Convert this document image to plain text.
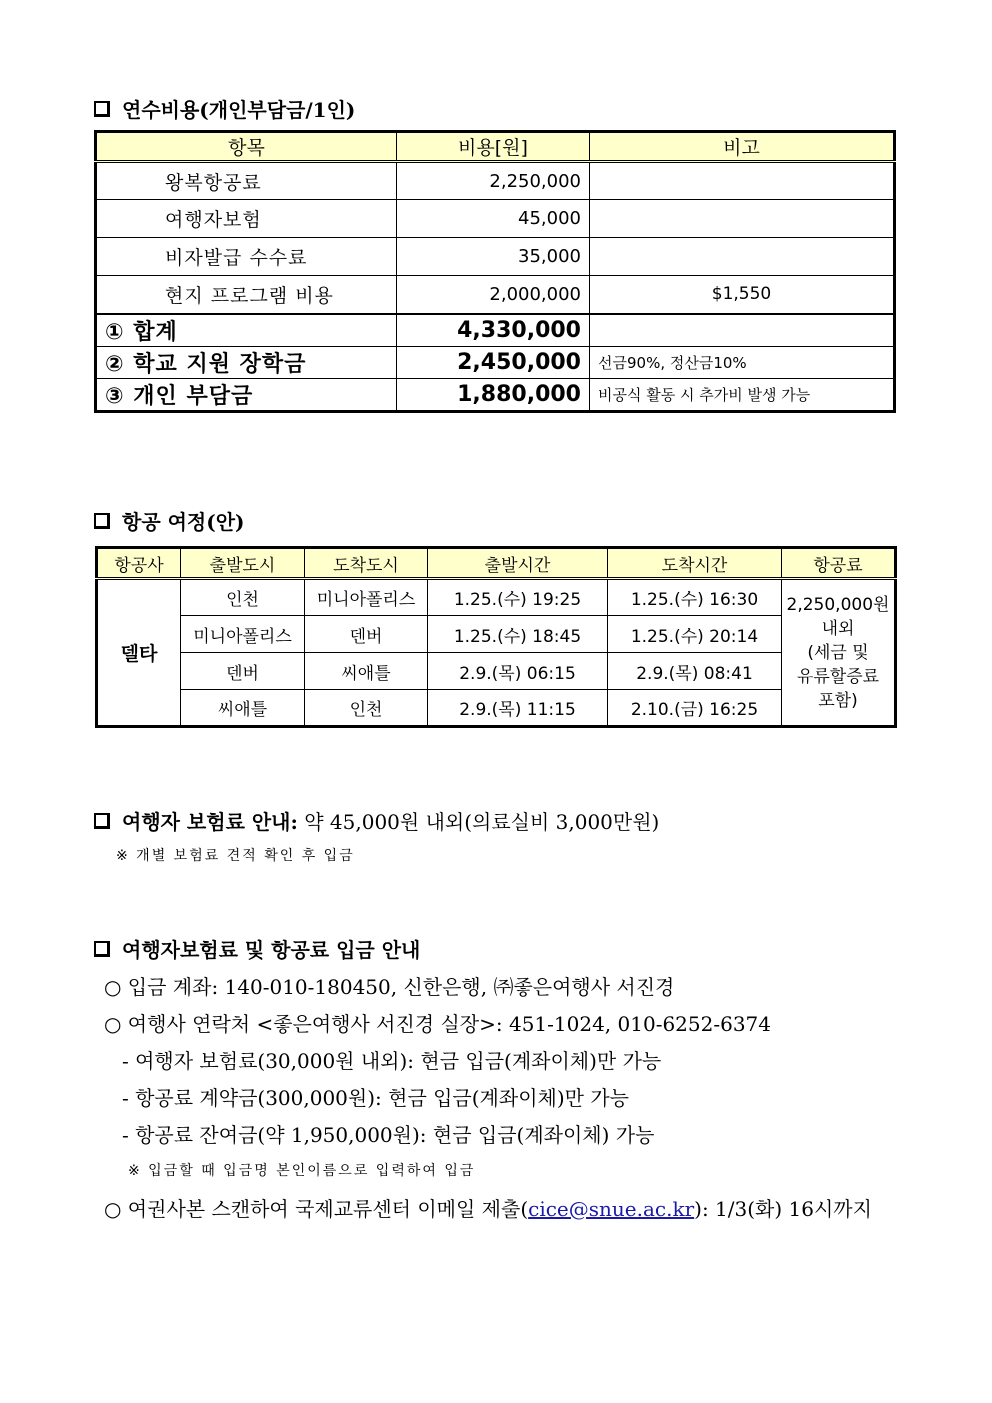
연수비용(개인부담금/1인)
항목	비용[원]	비고
왕복항공료	2,250,000	
여행자보험	45,000	
비자발급 수수료	35,000	
현지 프로그램 비용	2,000,000	$1,550
① 합계	4,330,000	
② 학교 지원 장학금	2,450,000	선금90%, 정산금10%
③ 개인 부담금	1,880,000	비공식 활동 시 추가비 발생 가능
항공 여정(안)
항공사	출발도시	도착도시	출발시간	도착시간	항공료
델타	인천	미니아폴리스	1.25.(수) 19:25	1.25.(수) 16:30	2,250,000원
내외
(세금 및
유류할증료
포함)

	미니아폴리스	덴버	1.25.(수) 18:45	1.25.(수) 20:14	
	덴버	씨애틀	2.9.(목) 06:15	2.9.(목) 08:41	
	씨애틀	인천	2.9.(목) 11:15	2.10.(금) 16:25	
여행자 보험료 안내: 약 45,000원 내외(의료실비 3,000만원)
※ 개별 보험료 견적 확인 후 입금
여행자보험료 및 항공료 입금 안내
○ 입금 계좌: 140-010-180450, 신한은행, ㈜좋은여행사 서진경
○ 여행사 연락처 <좋은여행사 서진경 실장>: 451-1024, 010-6252-6374
- 여행자 보험료(30,000원 내외): 현금 입금(계좌이체)만 가능
- 항공료 계약금(300,000원): 현금 입금(계좌이체)만 가능
- 항공료 잔여금(약 1,950,000원): 현금 입금(계좌이체) 가능
※ 입금할 때 입금명 본인이름으로 입력하여 입금
○ 여권사본 스캔하여 국제교류센터 이메일 제출(cice@snue.ac.kr): 1/3(화) 16시까지
